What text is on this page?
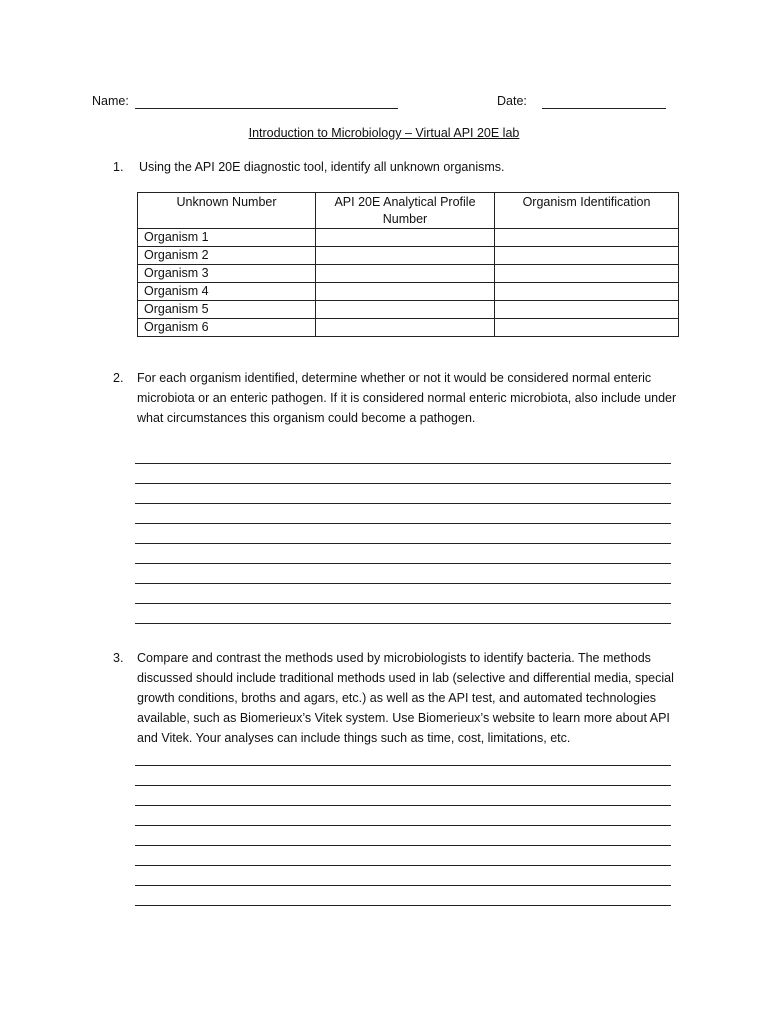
Name:	Date:
Introduction to Microbiology – Virtual API 20E lab
1. Using the API 20E diagnostic tool, identify all unknown organisms.
Unknown Number	API 20E Analytical Profile Number	Organism Identification
Organism 1		
Organism 2		
Organism 3		
Organism 4		
Organism 5		
Organism 6		
2. For each organism identified, determine whether or not it would be considered normal enteric microbiota or an enteric pathogen. If it is considered normal enteric microbiota, also include under what circumstances this organism could become a pathogen.
3. Compare and contrast the methods used by microbiologists to identify bacteria. The methods discussed should include traditional methods used in lab (selective and differential media, special growth conditions, broths and agars, etc.) as well as the API test, and automated technologies available, such as Biomerieux’s Vitek system. Use Biomerieux’s website to learn more about API and Vitek. Your analyses can include things such as time, cost, limitations, etc.
